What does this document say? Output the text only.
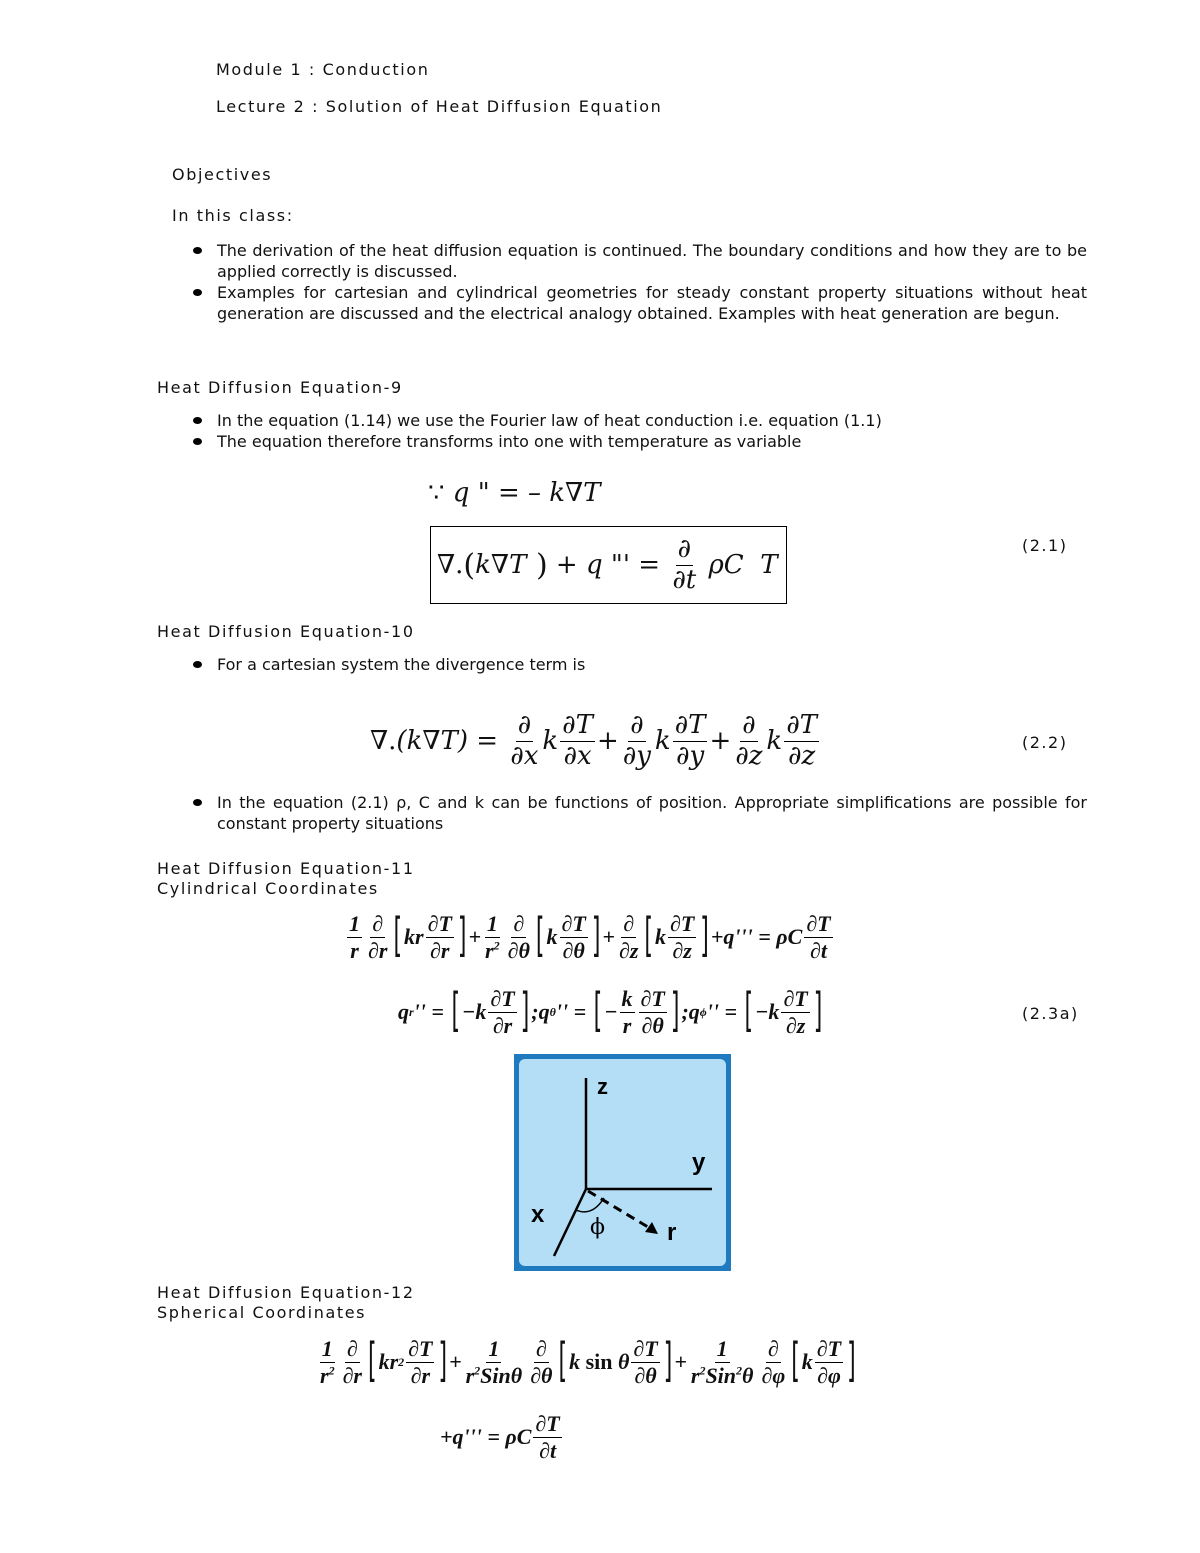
Module 1 : Conduction
Lecture 2 : Solution of Heat Diffusion Equation
Objectives
In this class:
The derivation of the heat diffusion equation is continued. The boundary conditions and how they are to be applied correctly is discussed.
Examples for cartesian and cylindrical geometries for steady constant property situations without heat generation are discussed and the electrical analogy obtained. Examples with heat generation are begun.
Heat Diffusion Equation-9
In the equation (1.14) we use the Fourier law of heat conduction i.e. equation (1.1)
The equation therefore transforms into one with temperature as variable
∵ q " = – k ∇ T
∇. ( k ∇ T ) + q "' = $\frac{\partial}{\partial t}$ ρC  T
(2.1)
Heat Diffusion Equation-10
For a cartesian system the divergence term is
∇. (k ∇ $T) = \frac{\partial}{\partial x}$ k $\frac{\partial T}{\partial x} + \frac{\partial}{\partial y}$ k $\frac{\partial T}{\partial y} + \frac{\partial}{\partial z}$ k $\frac{\partial T}{\partial z}$	(2.2)
In the equation (2.1) ρ, C and k can be functions of position. Appropriate simplifications are possible for constant property situations
Heat Diffusion Equation-11
Cylindrical Coordinates
$\frac{1}{r} \frac{\partial}{\partial r}$ [ kr $\frac{\partial T}{\partial r}$ ] + $\frac{1}{r^2} \frac{\partial}{\partial\theta}$ [ k $\frac{\partial T}{\partial\theta}$ ] + $\frac{\partial}{\partial z}$ [ k $\frac{\partial T}{\partial z}$ ] +q''' = ρC $\frac{\partial T}{\partial t}$
q r '' = [ $-k \frac{\partial T}{\partial r}$ ] ;q θ '' = [ − $\frac{k}{r} \frac{\partial T}{\partial\theta}$ ] ;q ϕ '' = [ $-k \frac{\partial T}{\partial z}$ ]	(2.3a)
z
y
x
r
ϕ
Heat Diffusion Equation-12
Spherical Coordinates
$\frac{1}{r^2} \frac{\partial}{\partial r}$ [ kr $2 \frac{\partial T}{\partial r}$ ] + $\frac{1}{r^2Sin\theta} \frac{\partial}{\partial\theta}$ [ k sin θ $\frac{\partial T}{\partial\theta}$ ] + $\frac{1}{r^2Sin^2\theta} \frac{\partial}{\partial\varphi}$ [ k $\frac{\partial T}{\partial\varphi}$ ]
+q''' = ρC $\frac{\partial T}{\partial t}$
